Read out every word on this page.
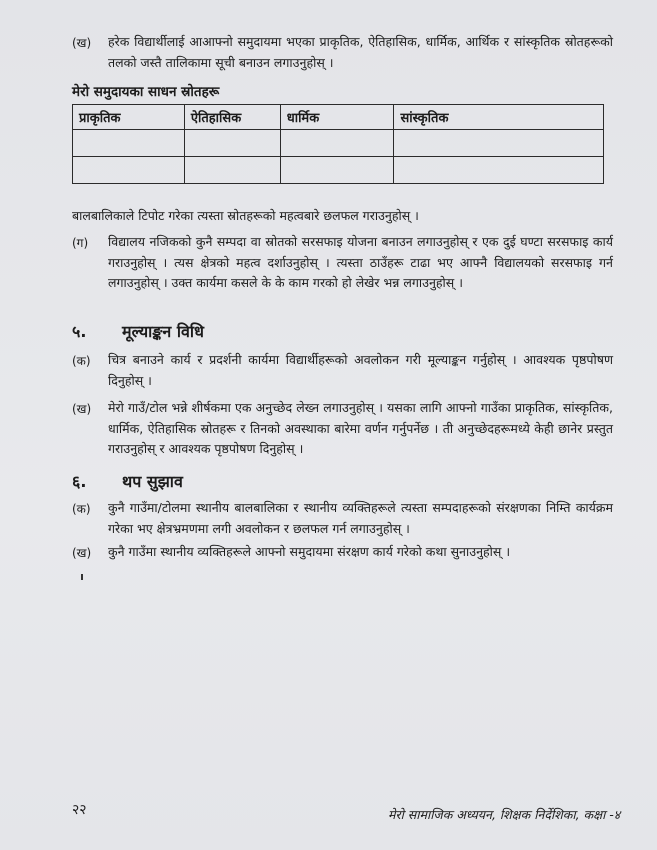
(ख)	हरेक विद्यार्थीलाई आआफ्नो समुदायमा भएका प्राकृतिक, ऐतिहासिक, धार्मिक, आर्थिक र सांस्कृतिक स्रोतहरूको तलको जस्तै तालिकामा सूची बनाउन लगाउनुहोस् ।
मेरो समुदायका साधन स्रोतहरू
प्राकृतिक	ऐतिहासिक	धार्मिक	सांस्कृतिक

बालबालिकाले टिपोट गरेका त्यस्ता स्रोतहरूको महत्वबारे छलफल गराउनुहोस् ।
(ग)	विद्यालय नजिकको कुनै सम्पदा वा स्रोतको सरसफाइ योजना बनाउन लगाउनुहोस् र एक दुई घण्टा सरसफाइ कार्य गराउनुहोस् । त्यस क्षेत्रको महत्व दर्शाउनुहोस् । त्यस्ता ठाउँहरू टाढा भए आफ्नै विद्यालयको सरसफाइ गर्न लगाउनुहोस् । उक्त कार्यमा कसले के के काम गरको हो लेखेर भन्न लगाउनुहोस् ।
५. मूल्याङ्कन विधि
(क)	चित्र बनाउने कार्य र प्रदर्शनी कार्यमा विद्यार्थीहरूको अवलोकन गरी मूल्याङ्कन गर्नुहोस् । आवश्यक पृष्ठपोषण दिनुहोस् ।
(ख)	मेरो गाउँ/टोल भन्ने शीर्षकमा एक अनुच्छेद लेख्न लगाउनुहोस् । यसका लागि आफ्नो गाउँका प्राकृतिक, सांस्कृतिक, धार्मिक, ऐतिहासिक स्रोतहरू र तिनको अवस्थाका बारेमा वर्णन गर्नुपर्नेछ । ती अनुच्छेदहरूमध्ये केही छानेर प्रस्तुत गराउनुहोस् र आवश्यक पृष्ठपोषण दिनुहोस् ।
६. थप सुझाव
(क)	कुनै गाउँमा/टोलमा स्थानीय बालबालिका र स्थानीय व्यक्तिहरूले त्यस्ता सम्पदाहरूको संरक्षणका निम्ति कार्यक्रम गरेका भए क्षेत्रभ्रमणमा लगी अवलोकन र छलफल गर्न लगाउनुहोस् ।
(ख)	कुनै गाउँमा स्थानीय व्यक्तिहरूले आफ्नो समुदायमा संरक्षण कार्य गरेको कथा सुनाउनुहोस् ।
२२	मेरो सामाजिक अध्ययन, शिक्षक निर्देशिका, कक्षा -४
